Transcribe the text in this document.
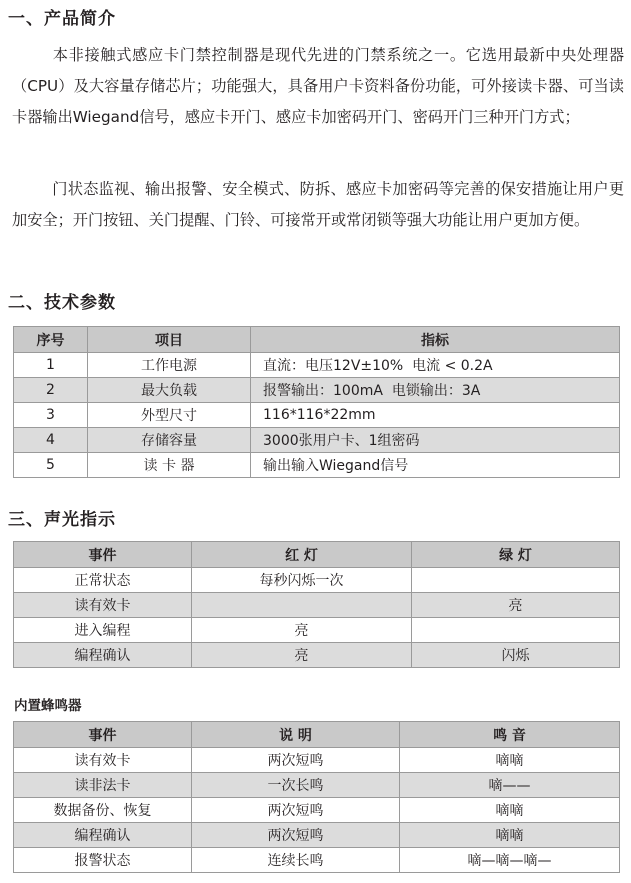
一、产品简介

本非接触式感应卡门禁控制器是现代先进的门禁系统之一。它选用最新中央处理器（CPU）及大容量存储芯片；功能强大，具备用户卡资料备份功能，可外接读卡器、可当读卡器输出Wiegand信号，感应卡开门、感应卡加密码开门、密码开门三种开门方式；

门状态监视、输出报警、安全模式、防拆、感应卡加密码等完善的保安措施让用户更加安全；开门按钮、关门提醒、门铃、可接常开或常闭锁等强大功能让用户更加方便。

二、技术参数
序号	项目	指标
1	工作电源	直流：电压12V±10%  电流 < 0.2A
2	最大负载	报警输出：100mA  电锁输出：3A
3	外型尺寸	116*116*22mm
4	存储容量	3000张用户卡、1组密码
5	读 卡 器	输出输入Wiegand信号
三、声光指示
事件	红 灯	绿 灯
正常状态	每秒闪烁一次	
读有效卡		亮
进入编程	亮	
编程确认	亮	闪烁
内置蜂鸣器
事件	说 明	鸣 音
读有效卡	两次短鸣	嘀嘀
读非法卡	一次长鸣	嘀——
数据备份、恢复	两次短鸣	嘀嘀
编程确认	两次短鸣	嘀嘀
报警状态	连续长鸣	嘀—嘀—嘀—
